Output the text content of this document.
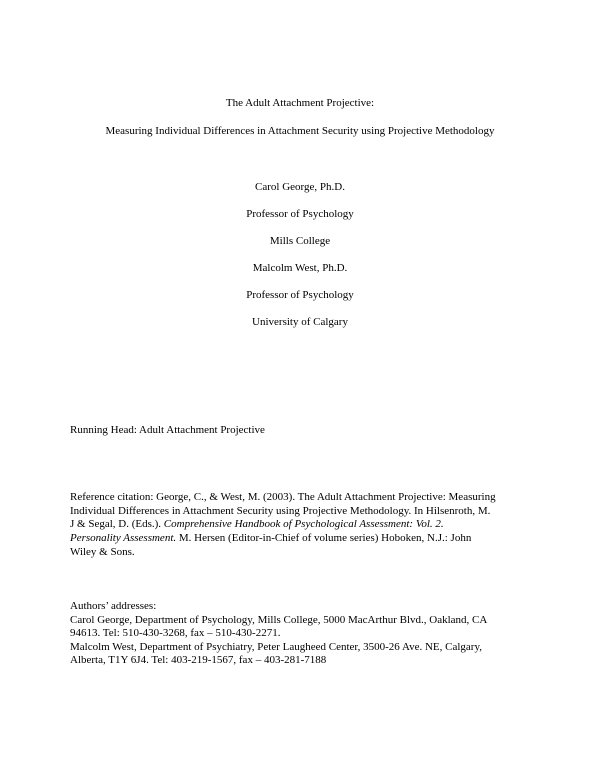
The Adult Attachment Projective:
Measuring Individual Differences in Attachment Security using Projective Methodology
Carol George, Ph.D.
Professor of Psychology
Mills College
Malcolm West, Ph.D.
Professor of Psychology
University of Calgary
Running Head: Adult Attachment Projective
Reference citation: George, C., & West, M. (2003). The Adult Attachment Projective: Measuring
Individual Differences in Attachment Security using Projective Methodology. In Hilsenroth, M.
J & Segal, D. (Eds.). Comprehensive Handbook of Psychological Assessment: Vol. 2.
Personality Assessment. M. Hersen (Editor-in-Chief of volume series) Hoboken, N.J.: John
Wiley & Sons.
Authors’ addresses:
Carol George, Department of Psychology, Mills College, 5000 MacArthur Blvd., Oakland, CA
94613. Tel: 510-430-3268, fax – 510-430-2271.
Malcolm West, Department of Psychiatry, Peter Laugheed Center, 3500-26 Ave. NE, Calgary,
Alberta, T1Y 6J4. Tel: 403-219-1567, fax – 403-281-7188
